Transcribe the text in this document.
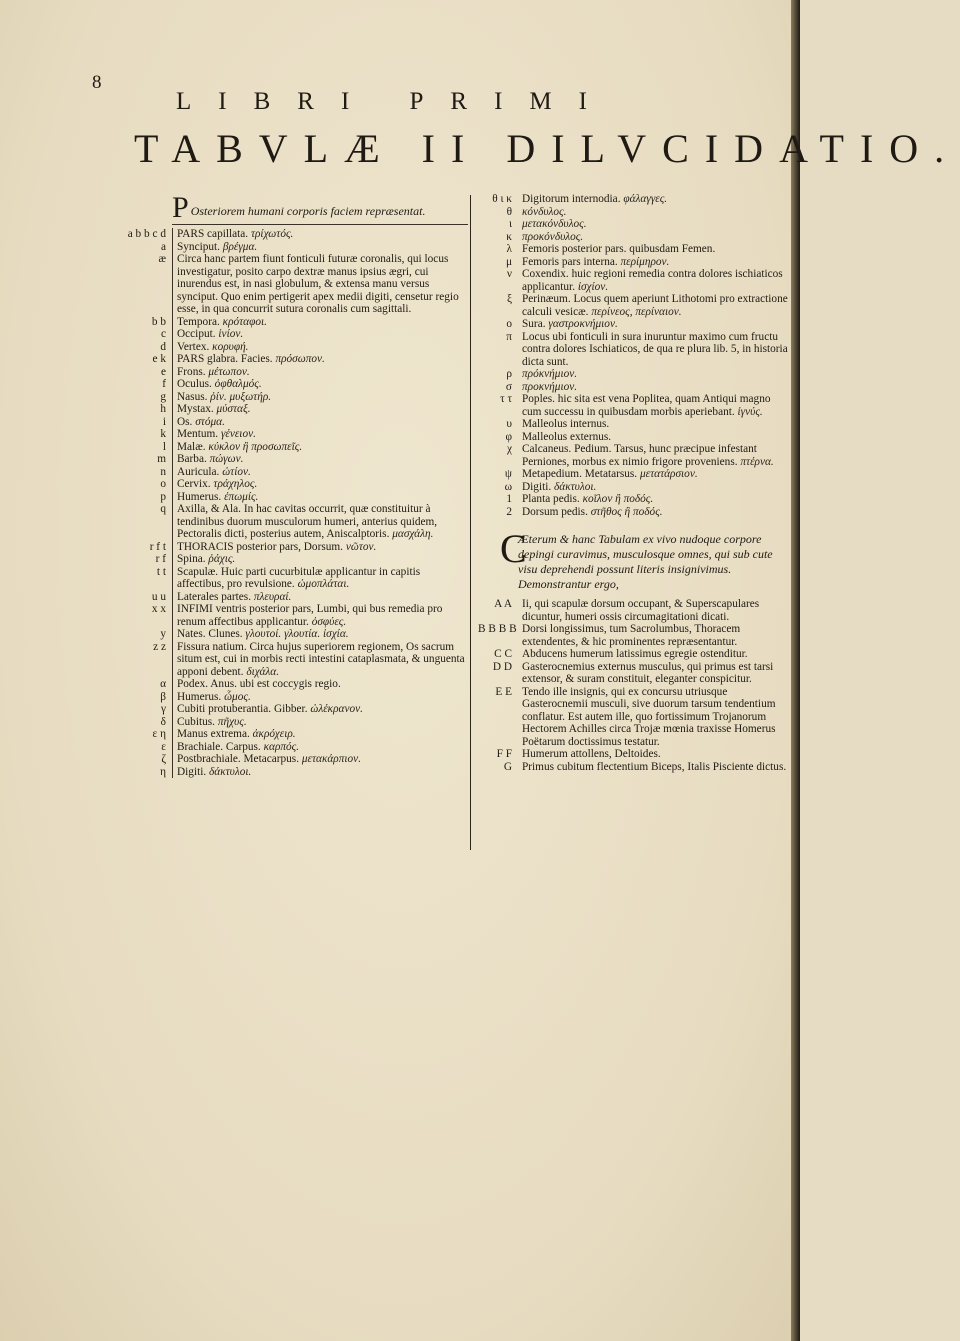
8
LIBRI PRIMI
TABVLÆ II DILVCIDATIO.
P Osteriorem humani corporis faciem repræsentat.
a b b c d PARS capillata. τρίχωτός.
a Synciput. βρέγμα.
æ Circa hanc partem fiunt fonticuli futuræ coronalis, qui locus investigatur, posito carpo dextræ manus ipsius ægri, cui inurendus est, in nasi globulum, & extensa manu versus synciput. Quo enim pertigerit apex medii digiti, censetur regio esse, in qua concurrit sutura coronalis cum sagittali.
b b Tempora. κρόταφοι.
c Occiput. ἰνίον.
d Vertex. κορυφή.
e k PARS glabra. Facies. πρόσωπον.
e Frons. μέτωπον.
f Oculus. ὀφθαλμός.
g Nasus. ῥίν. μυξωτήρ.
h Mystax. μύσταξ.
i Os. στόμα.
k Mentum. γένειον.
l Malæ. κύκλον ἢ προσωπεῖς.
m Barba. πώγων.
n Auricula. ὠτίον.
o Cervix. τράχηλος.
p Humerus. ἐπωμίς.
q Axilla, & Ala. In hac cavitas occurrit, quæ constituitur à tendinibus duorum musculorum humeri, anterius quidem, Pectoralis dicti, posterius autem, Aniscalptoris. μασχάλη.
r f t THORACIS posterior pars, Dorsum. νῶτον.
r f Spina. ῥάχις.
t t Scapulæ. Huic parti cucurbitulæ applicantur in capitis affectibus, pro revulsione. ὠμοπλάται.
u u Laterales partes. πλευραί.
x x INFIMI ventris posterior pars, Lumbi, qui bus remedia pro renum affectibus applicantur. ὀσφύες.
y Nates. Clunes. γλουτοί. γλουτία. ἰσχία.
z z Fissura natium. Circa hujus superiorem regionem, Os sacrum situm est, cui in morbis recti intestini cataplasmata, & unguenta apponi debent. διχάλα.
α Podex. Anus. ubi est coccygis regio.
β Humerus. ὦμος.
γ Cubiti protuberantia. Gibber. ὠλέκρανον.
δ Cubitus. πῆχυς.
ε η Manus extrema. ἀκρόχειρ.
ε Brachiale. Carpus. καρπός.
ζ Postbrachiale. Metacarpus. μετακάρπιον.
η Digiti. δάκτυλοι.
θ ι κ Digitorum internodia. φάλαγγες.
θ κόνδυλος.
ι μετακόνδυλος.
κ προκόνδυλος.
λ Femoris posterior pars. quibusdam Femen.
μ Femoris pars interna. περίμηρον.
ν Coxendix. huic regioni remedia contra dolores ischiaticos applicantur. ἰσχίον.
ξ Perinæum. Locus quem aperiunt Lithotomi pro extractione calculi vesicæ. περίνεος, περίναιον.
ο Sura. γαστροκνήμιον.
π Locus ubi fonticuli in sura inuruntur maximo cum fructu contra dolores Ischiaticos, de qua re plura lib. 5, in historia dicta sunt.
ρ πρόκνήμιον.
σ προκνήμιον.
τ τ Poples. hic sita est vena Poplitea, quam Antiqui magno cum successu in quibusdam morbis aperiebant. ἰγνύς.
υ Malleolus internus.
φ Malleolus externus.
χ Calcaneus. Pedium. Tarsus, hunc præcipue infestant Perniones, morbus ex nimio frigore proveniens. πτέρνα.
ψ Metapedium. Metatarsus. μετατάρσιον.
ω Digiti. δάκτυλοι.
1 Planta pedis. κοῖλον ἢ ποδός.
2 Dorsum pedis. στῆθος ἢ ποδός.
C
Æterum & hanc Tabulam ex vivo nudoque corpore depingi curavimus, musculosque omnes, qui sub cute visu deprehendi possunt literis insignivimus. Demonstrantur ergo,
A A Ii, qui scapulæ dorsum occupant, & Superscapulares dicuntur, humeri ossis circumagitationi dicati.
B B B B Dorsi longissimus, tum Sacrolumbus, Thoracem extendentes, & hic prominentes repræsentantur.
C C Abducens humerum latissimus egregie ostenditur.
D D Gasterocnemius externus musculus, qui primus est tarsi extensor, & suram constituit, eleganter conspicitur.
E E Tendo ille insignis, qui ex concursu utriusque Gasterocnemii musculi, sive duorum tarsum tendentium conflatur. Est autem ille, quo fortissimum Trojanorum Hectorem Achilles circa Trojæ mœnia traxisse Homerus Poëtarum doctissimus testatur.
F F Humerum attollens, Deltoides.
G Primus cubitum flectentium Biceps, Italis Pisciente dictus.
